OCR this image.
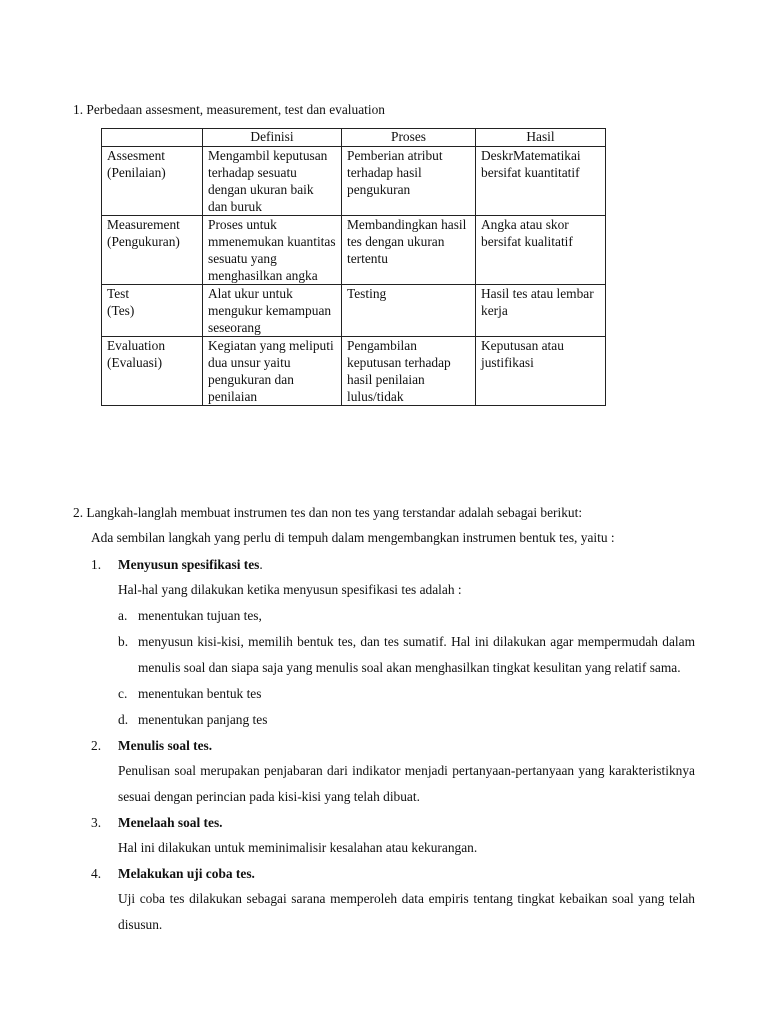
1. Perbedaan assesment, measurement, test dan evaluation
	Definisi	Proses	Hasil

Assesment
(Penilaian)	Mengambil keputusan terhadap sesuatu dengan ukuran baik dan buruk	Pemberian atribut terhadap hasil pengukuran	DeskrMatematikai bersifat kuantitatif

Measurement
(Pengukuran)	Proses untuk mmenemukan kuantitas sesuatu yang menghasilkan angka	Membandingkan hasil tes dengan ukuran tertentu	Angka atau skor bersifat kualitatif

Test
(Tes)	Alat ukur untuk mengukur kemampuan seseorang	Testing	Hasil tes atau lembar kerja

Evaluation
(Evaluasi)	Kegiatan yang meliputi dua unsur yaitu pengukuran dan penilaian	Pengambilan keputusan terhadap hasil penilaian lulus/tidak	Keputusan atau justifikasi
2. Langkah-langlah membuat instrumen tes dan non tes yang terstandar adalah sebagai berikut:
Ada sembilan langkah yang perlu di tempuh dalam mengembangkan instrumen bentuk tes, yaitu :
1.	Menyusun spesifikasi tes.
Hal-hal yang dilakukan ketika menyusun spesifikasi tes adalah :
a. menentukan tujuan tes,
b. menyusun kisi-kisi, memilih bentuk tes, dan tes sumatif. Hal ini dilakukan agar mempermudah dalam menulis soal dan siapa saja yang menulis soal akan menghasilkan tingkat kesulitan yang relatif sama.
c. menentukan bentuk tes
d. menentukan panjang tes
2.	Menulis soal tes.
Penulisan soal merupakan penjabaran dari indikator menjadi pertanyaan-pertanyaan yang karakteristiknya sesuai dengan perincian pada kisi-kisi yang telah dibuat.
3.	Menelaah soal tes.
Hal ini dilakukan untuk meminimalisir kesalahan atau kekurangan.
4.	Melakukan uji coba tes.
Uji coba tes dilakukan sebagai sarana memperoleh data empiris tentang tingkat kebaikan soal yang telah disusun.
